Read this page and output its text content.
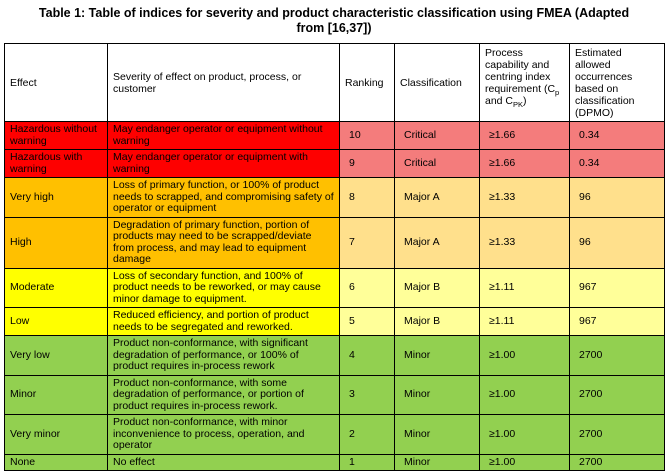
Table 1: Table of indices for severity and product characteristic classification using FMEA (Adapted
from [16,37])
Effect	Severity of effect on product, process, or customer	Ranking	Classification	Process capability and centring index requirement ($C_p$ and $C_{PK}$)	Estimated allowed occurrences based on classification (DPMO)
Hazardous without warning	May endanger operator or equipment without warning	10	Critical	≥1.66	0.34
Hazardous with warning	May endanger operator or equipment with warning	9	Critical	≥1.66	0.34
Very high	Loss of primary function, or 100% of product needs to scrapped, and compromising safety of operator or equipment	8	Major A	≥1.33	96
High	Degradation of primary function, portion of products may need to be scrapped/deviate from process, and may lead to equipment damage	7	Major A	≥1.33	96
Moderate	Loss of secondary function, and 100% of product needs to be reworked, or may cause minor damage to equipment.	6	Major B	≥1.11	967
Low	Reduced efficiency, and portion of product needs to be segregated and reworked.	5	Major B	≥1.11	967
Very low	Product non-conformance, with significant degradation of performance, or 100% of product requires in-process rework	4	Minor	≥1.00	2700
Minor	Product non-conformance, with some degradation of performance, or portion of product requires in-process rework.	3	Minor	≥1.00	2700
Very minor	Product non-conformance, with minor inconvenience to process, operation, and operator	2	Minor	≥1.00	2700
None	No effect	1	Minor	≥1.00	2700
